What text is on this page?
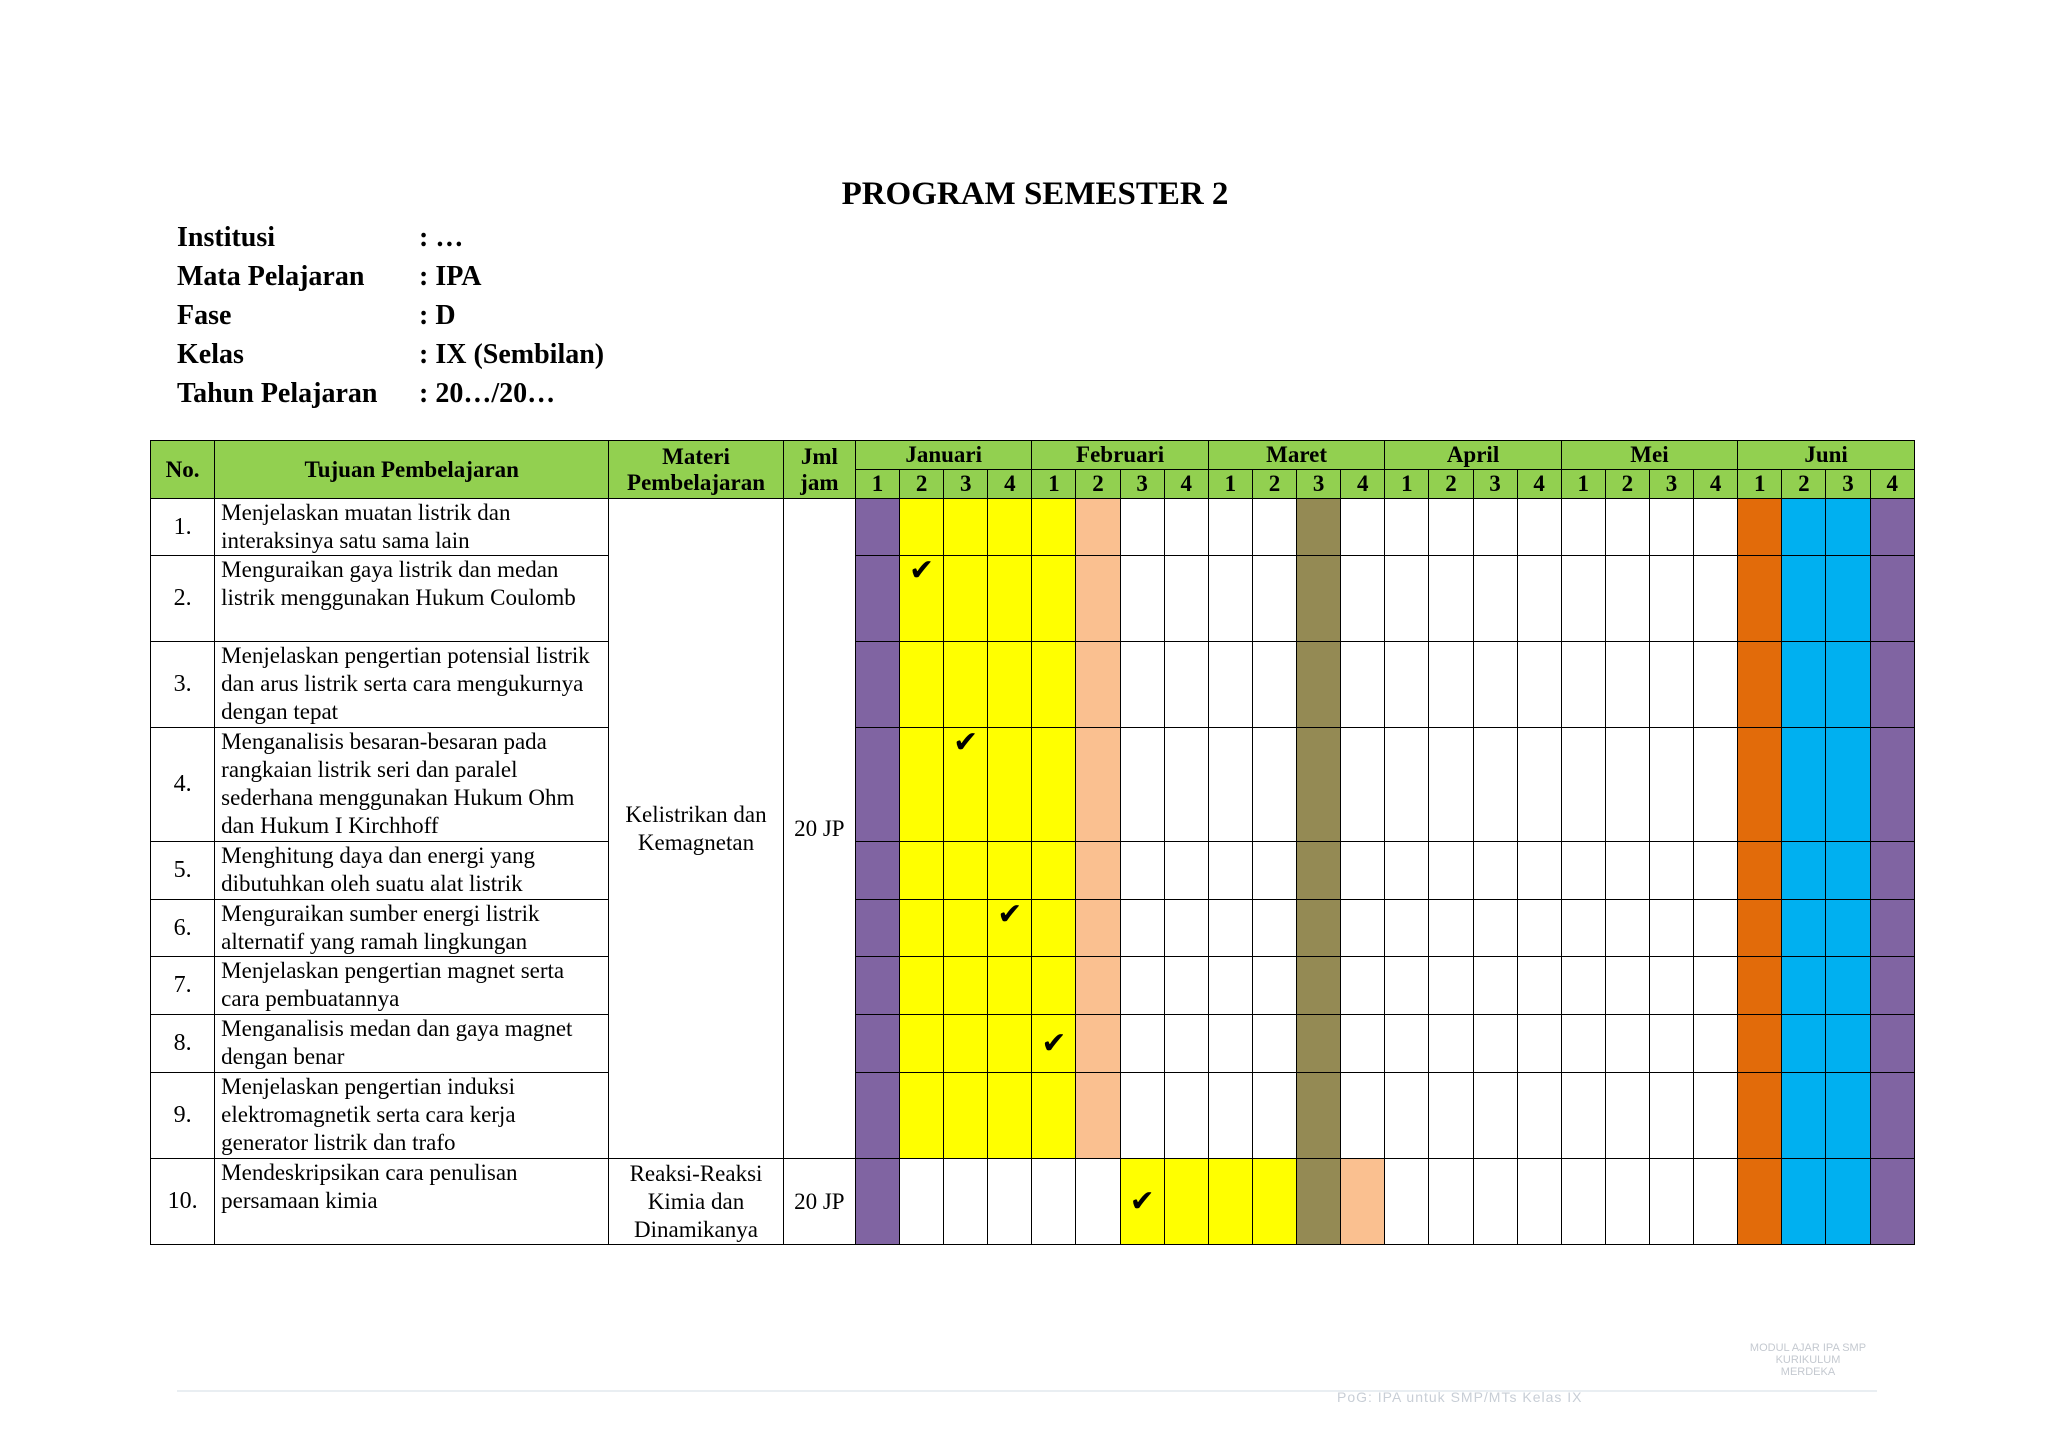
PROGRAM SEMESTER 2
Institusi	: …
Mata Pelajaran : IPA
Fase	: D
Kelas	: IX (Sembilan)
Tahun Pelajaran : 20…/20…
No.	Tujuan Pembelajaran	Materi Pembelajaran	Jml jam	Januari				Februari				Maret				April				Mei				Juni			
				1	2	3	4	1	2	3	4	1	2	3	4	1	2	3	4	1	2	3	4	1	2	3	4
1.	Menjelaskan muatan listrik dan interaksinya satu sama lain	Kelistrikan dan Kemagnetan	20 JP																								
2.	Menguraikan gaya listrik dan medan listrik menggunakan Hukum Coulomb				✔																						
3.	Menjelaskan pengertian potensial listrik dan arus listrik serta cara mengukurnya dengan tepat																										
4.	Menganalisis besaran-besaran pada rangkaian listrik seri dan paralel sederhana menggunakan Hukum Ohm dan Hukum I Kirchhoff					✔																					
5.	Menghitung daya dan energi yang dibutuhkan oleh suatu alat listrik																										
6.	Menguraikan sumber energi listrik alternatif yang ramah lingkungan						✔																				
7.	Menjelaskan pengertian magnet serta cara pembuatannya																										
8.	Menganalisis medan dan gaya magnet dengan benar							✔																			
9.	Menjelaskan pengertian induksi elektromagnetik serta cara kerja generator listrik dan trafo																										
10.	Mendeskripsikan cara penulisan persamaan kimia	Reaksi-Reaksi Kimia dan Dinamikanya	20 JP							✔																	
PoG: IPA untuk SMP/MTs Kelas IX
MODUL AJAR IPA SMP KURIKULUM MERDEKA
